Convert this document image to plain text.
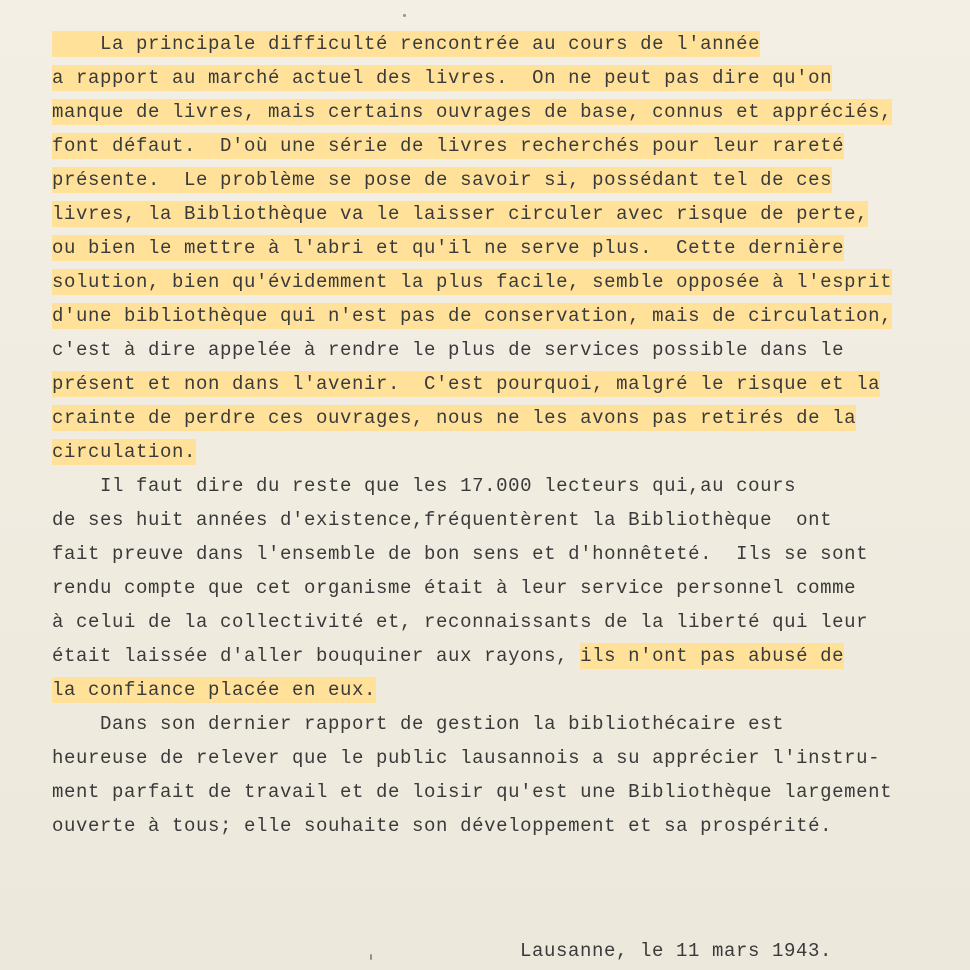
La principale difficulté rencontrée au cours de l'année
a rapport au marché actuel des livres.  On ne peut pas dire qu'on
manque de livres, mais certains ouvrages de base, connus et appréciés,
font défaut.  D'où une série de livres recherchés pour leur rareté
présente.  Le problème se pose de savoir si, possédant tel de ces
livres, la Bibliothèque va le laisser circuler avec risque de perte,
ou bien le mettre à l'abri et qu'il ne serve plus.  Cette dernière
solution, bien qu'évidemment la plus facile, semble opposée à l'esprit
d'une bibliothèque qui n'est pas de conservation, mais de circulation,
c'est à dire appelée à rendre le plus de services possible dans le
présent et non dans l'avenir.  C'est pourquoi, malgré le risque et la
crainte de perdre ces ouvrages, nous ne les avons pas retirés de la
circulation.
Il faut dire du reste que les 17.000 lecteurs qui,au cours
de ses huit années d'existence,fréquentèrent la Bibliothèque  ont
fait preuve dans l'ensemble de bon sens et d'honnêteté.  Ils se sont
rendu compte que cet organisme était à leur service personnel comme
à celui de la collectivité et, reconnaissants de la liberté qui leur
était laissée d'aller bouquiner aux rayons, ils n'ont pas abusé de
la confiance placée en eux.
Dans son dernier rapport de gestion la bibliothécaire est
heureuse de relever que le public lausannois a su apprécier l'instru-
ment parfait de travail et de loisir qu'est une Bibliothèque largement
ouverte à tous; elle souhaite son développement et sa prospérité.
Lausanne, le 11 mars 1943.
